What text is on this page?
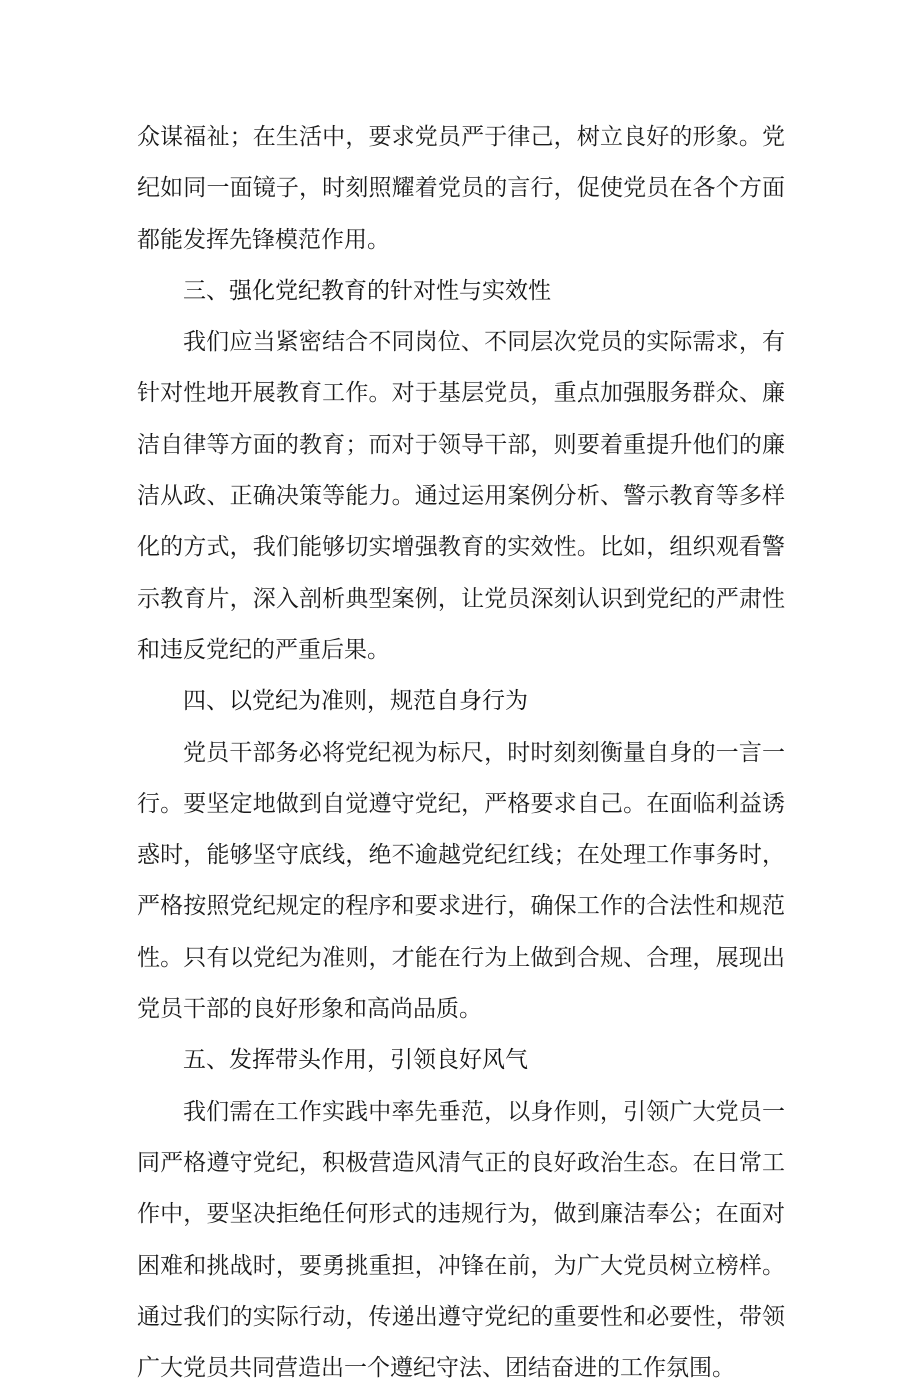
众谋福祉；在生活中，要求党员严于律己，树立良好的形象。党
纪如同一面镜子，时刻照耀着党员的言行，促使党员在各个方面
都能发挥先锋模范作用。
三、强化党纪教育的针对性与实效性
我们应当紧密结合不同岗位、不同层次党员的实际需求，有
针对性地开展教育工作。对于基层党员，重点加强服务群众、廉
洁自律等方面的教育；而对于领导干部，则要着重提升他们的廉
洁从政、正确决策等能力。通过运用案例分析、警示教育等多样
化的方式，我们能够切实增强教育的实效性。比如，组织观看警
示教育片，深入剖析典型案例，让党员深刻认识到党纪的严肃性
和违反党纪的严重后果。
四、以党纪为准则，规范自身行为
党员干部务必将党纪视为标尺，时时刻刻衡量自身的一言一
行。要坚定地做到自觉遵守党纪，严格要求自己。在面临利益诱
惑时，能够坚守底线，绝不逾越党纪红线；在处理工作事务时，
严格按照党纪规定的程序和要求进行，确保工作的合法性和规范
性。只有以党纪为准则，才能在行为上做到合规、合理，展现出
党员干部的良好形象和高尚品质。
五、发挥带头作用，引领良好风气
我们需在工作实践中率先垂范，以身作则，引领广大党员一
同严格遵守党纪，积极营造风清气正的良好政治生态。在日常工
作中，要坚决拒绝任何形式的违规行为，做到廉洁奉公；在面对
困难和挑战时，要勇挑重担，冲锋在前，为广大党员树立榜样。
通过我们的实际行动，传递出遵守党纪的重要性和必要性，带领
广大党员共同营造出一个遵纪守法、团结奋进的工作氛围。
